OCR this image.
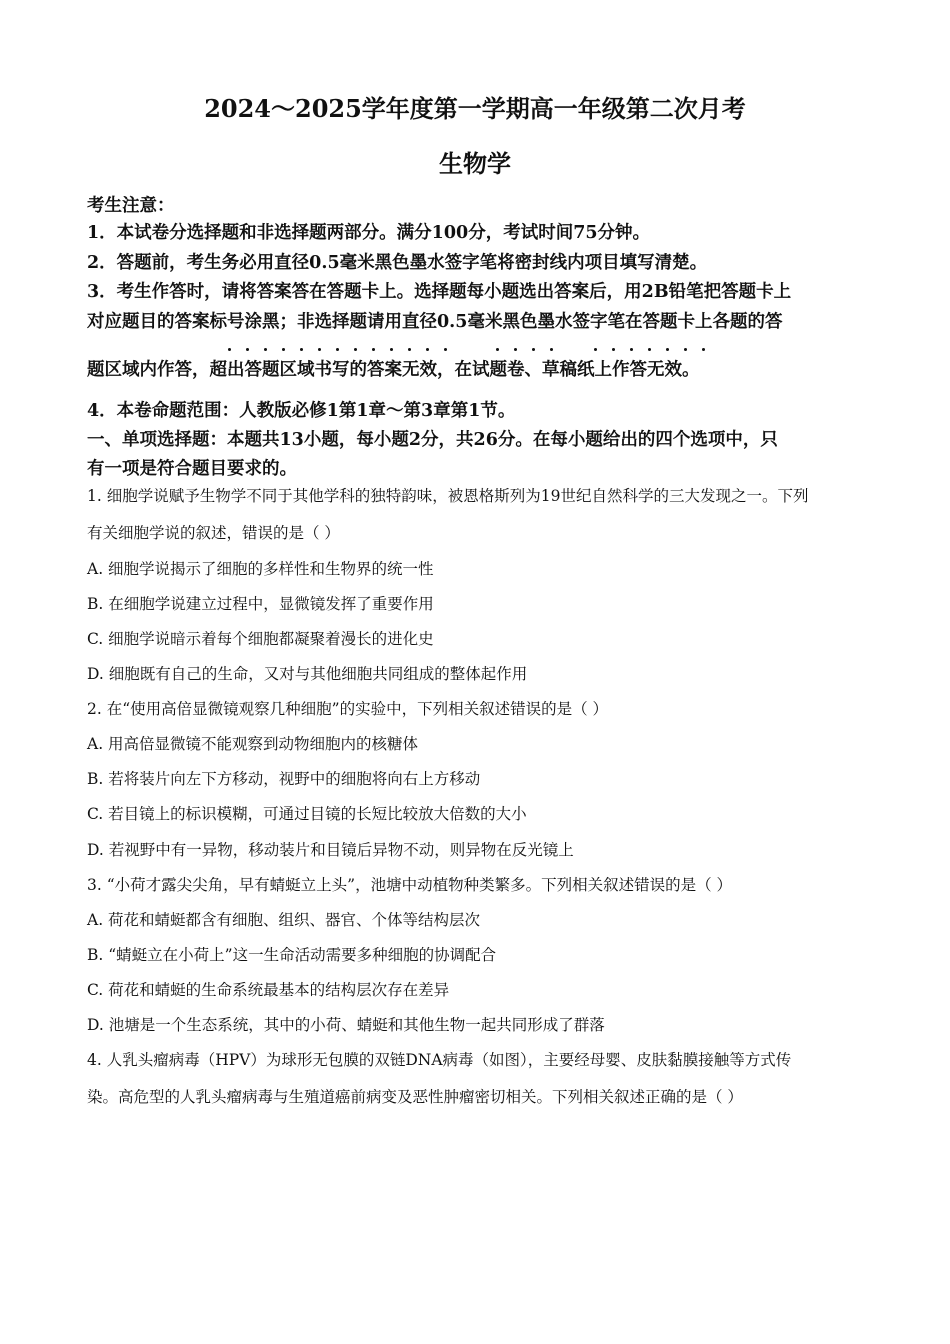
2024～2025学年度第一学期高一年级第二次月考
生物学
考生注意：
1．本试卷分选择题和非选择题两部分。满分100分，考试时间75分钟。
2．答题前，考生务必用直径0.5毫米黑色墨水签字笔将密封线内项目填写清楚。
3．考生作答时，请将答案答在答题卡上。选择题每小题选出答案后，用2B铅笔把答题卡上
对应题目的答案标号涂黑；非选择题请用直径0.5毫米黑色墨水签字笔在答题卡上各题的答
题区域内作答，超出答题区域书写的答案无效，在试题卷、草稿纸上作答无效。
4．本卷命题范围：人教版必修1第1章～第3章第1节。
一、单项选择题：本题共13小题，每小题2分，共26分。在每小题给出的四个选项中，只
有一项是符合题目要求的。
1. 细胞学说赋予生物学不同于其他学科的独特韵味，被恩格斯列为19世纪自然科学的三大发现之一。下列
有关细胞学说的叙述，错误的是（ ）
A. 细胞学说揭示了细胞的多样性和生物界的统一性
B. 在细胞学说建立过程中，显微镜发挥了重要作用
C. 细胞学说暗示着每个细胞都凝聚着漫长的进化史
D. 细胞既有自己的生命，又对与其他细胞共同组成的整体起作用
2. 在“使用高倍显微镜观察几种细胞”的实验中，下列相关叙述错误的是（ ）
A. 用高倍显微镜不能观察到动物细胞内的核糖体
B. 若将装片向左下方移动，视野中的细胞将向右上方移动
C. 若目镜上的标识模糊，可通过目镜的长短比较放大倍数的大小
D. 若视野中有一异物，移动装片和目镜后异物不动，则异物在反光镜上
3. “小荷才露尖尖角，早有蜻蜓立上头”，池塘中动植物种类繁多。下列相关叙述错误的是（ ）
A. 荷花和蜻蜓都含有细胞、组织、器官、个体等结构层次
B. “蜻蜓立在小荷上”这一生命活动需要多种细胞的协调配合
C. 荷花和蜻蜓的生命系统最基本的结构层次存在差异
D. 池塘是一个生态系统，其中的小荷、蜻蜓和其他生物一起共同形成了群落
4. 人乳头瘤病毒（HPV）为球形无包膜的双链DNA病毒（如图），主要经母婴、皮肤黏膜接触等方式传
染。高危型的人乳头瘤病毒与生殖道癌前病变及恶性肿瘤密切相关。下列相关叙述正确的是（ ）
